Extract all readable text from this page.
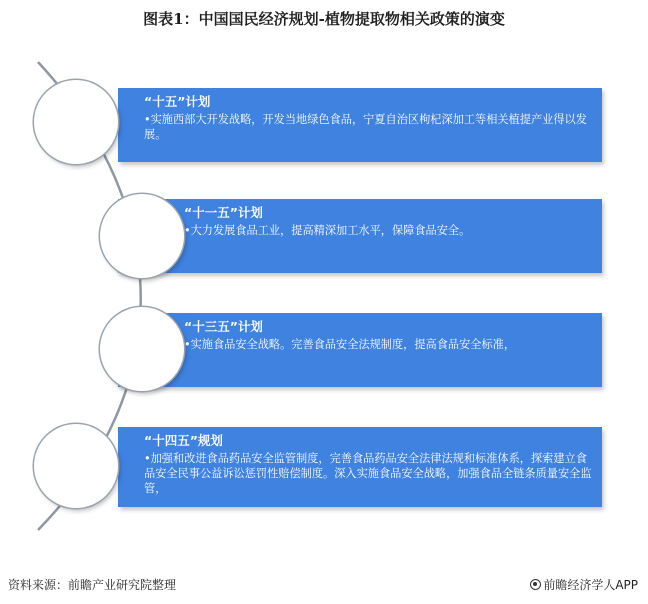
图表1：中国国民经济规划-植物提取物相关政策的演变
“十五”计划
•实施西部大开发战略，开发当地绿色食品，宁夏自治区枸杞深加工等相关植提产业得以发展。
“十一五”计划
•大力发展食品工业，提高精深加工水平，保障食品安全。
“十三五”计划
•实施食品安全战略。完善食品安全法规制度，提高食品安全标准，
“十四五”规划
•加强和改进食品药品安全监管制度，完善食品药品安全法律法规和标准体系，探索建立食品安全民事公益诉讼惩罚性赔偿制度。深入实施食品安全战略，加强食品全链条质量安全监管，
资料来源：前瞻产业研究院整理	前瞻经济学人APP
